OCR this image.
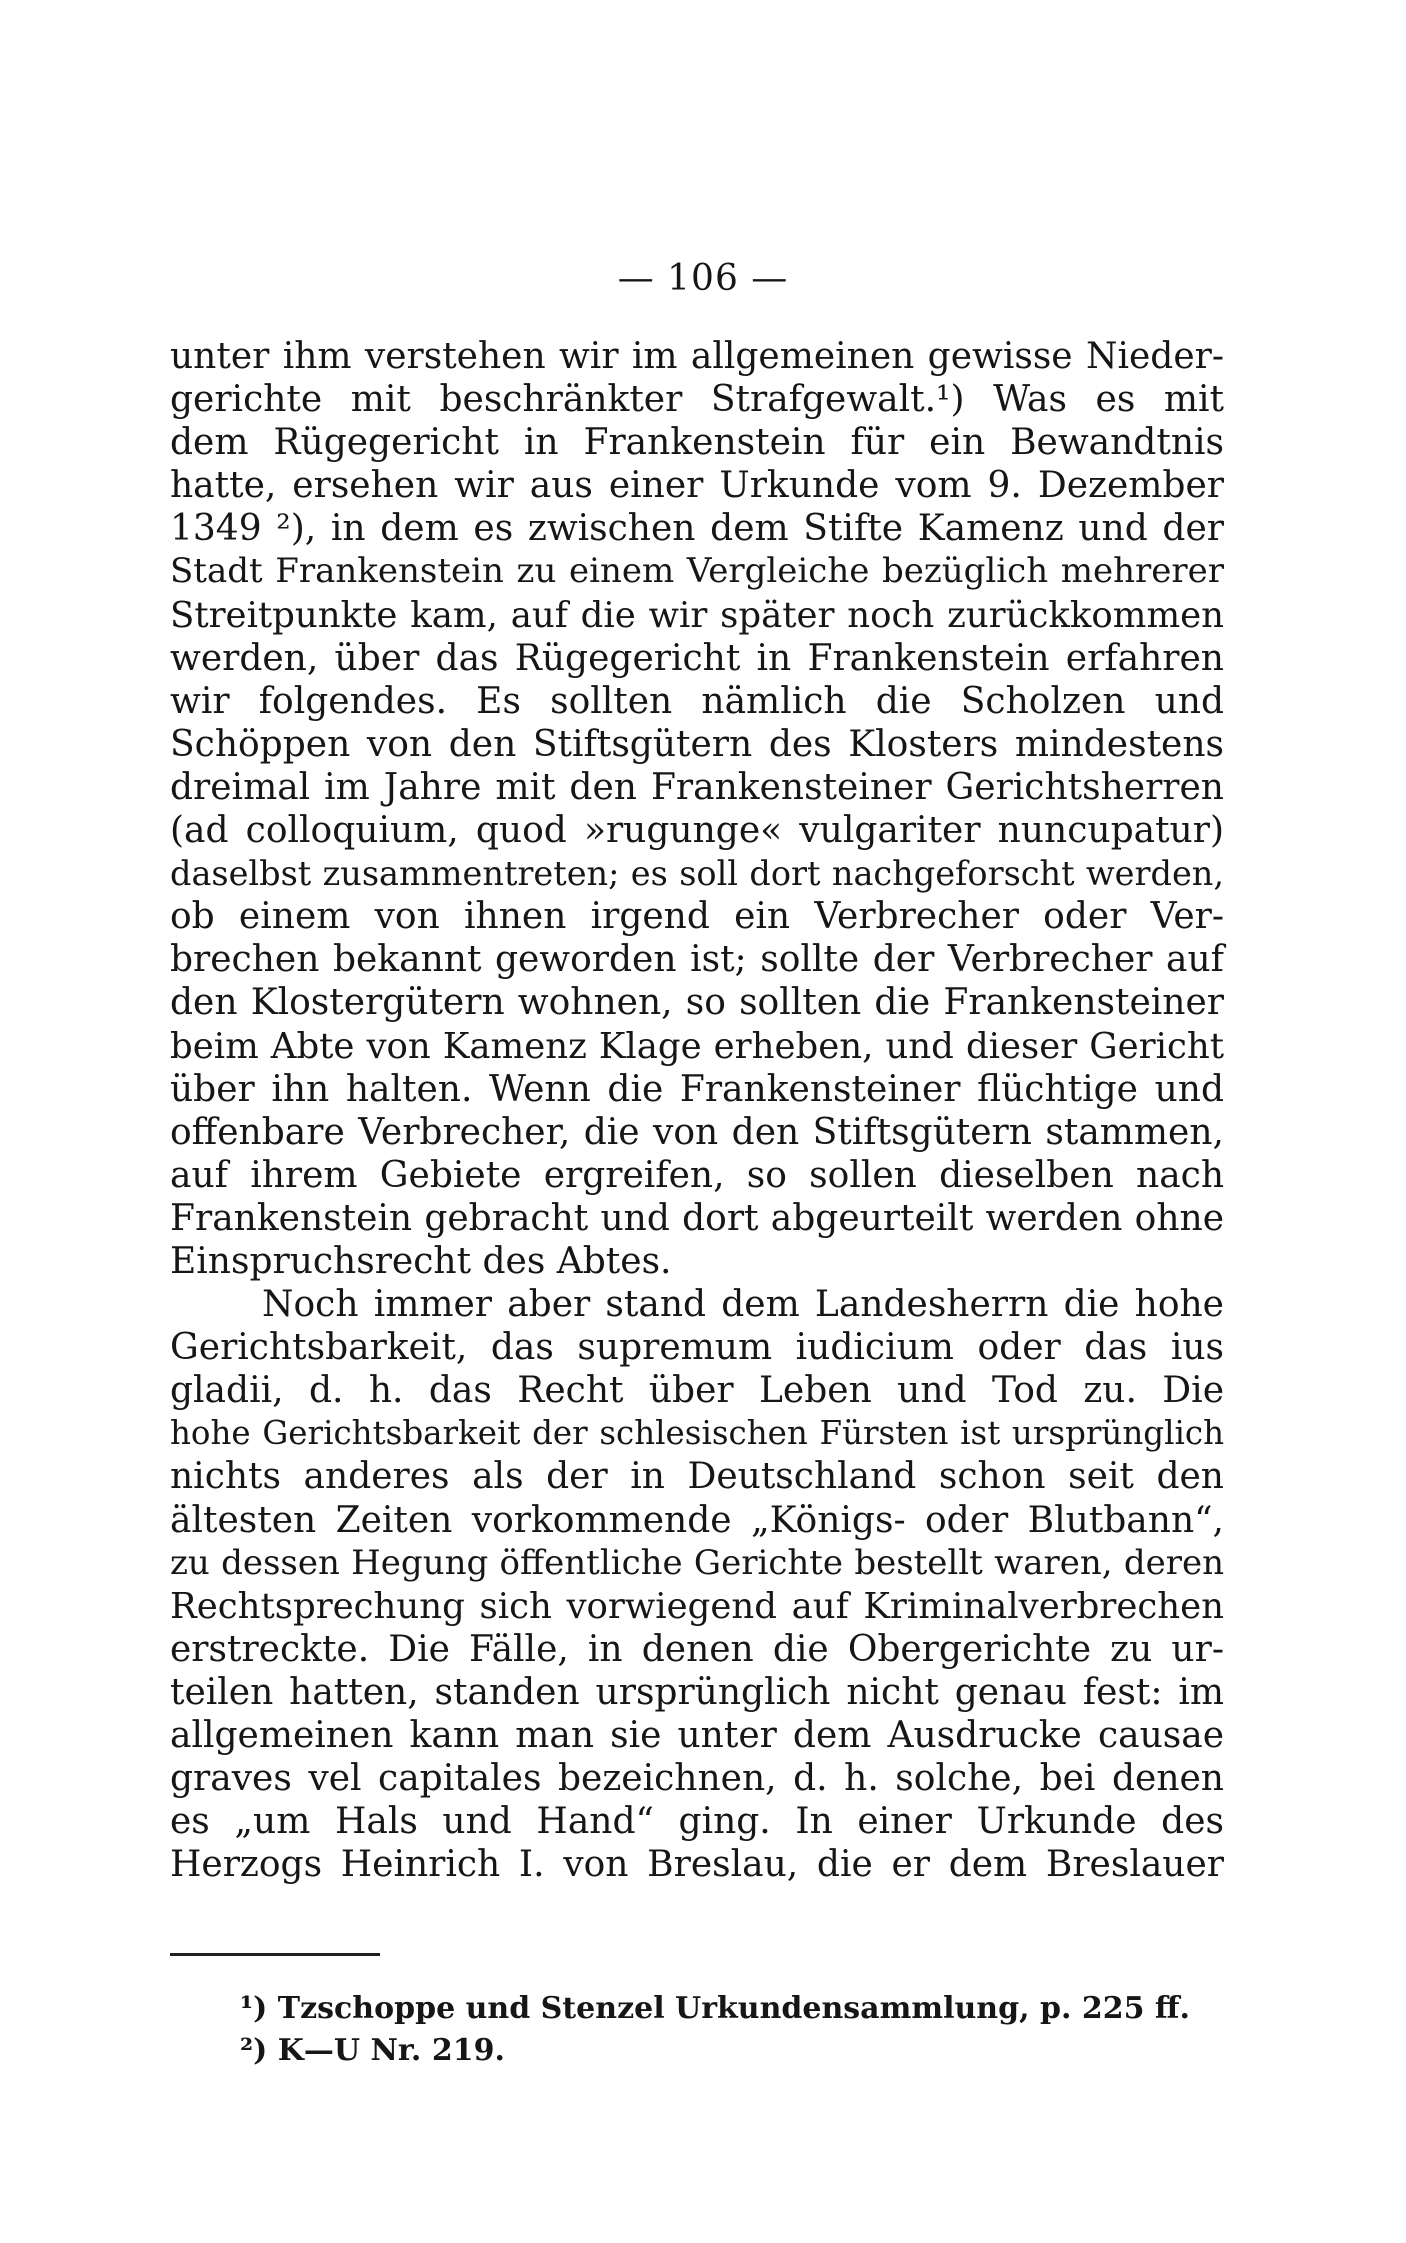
— 106 —
unter ihm verstehen wir im allgemeinen gewisse Nieder-
gerichte mit beschränkter Strafgewalt.¹) Was es mit
dem Rügegericht in Frankenstein für ein Bewandtnis
hatte, ersehen wir aus einer Urkunde vom 9. Dezember
1349 ²), in dem es zwischen dem Stifte Kamenz und der
Stadt Frankenstein zu einem Vergleiche bezüglich mehrerer
Streitpunkte kam, auf die wir später noch zurückkommen
werden, über das Rügegericht in Frankenstein erfahren
wir folgendes. Es sollten nämlich die Scholzen und
Schöppen von den Stiftsgütern des Klosters mindestens
dreimal im Jahre mit den Frankensteiner Gerichtsherren
(ad colloquium, quod »rugunge« vulgariter nuncupatur)
daselbst zusammentreten; es soll dort nachgeforscht werden,
ob einem von ihnen irgend ein Verbrecher oder Ver-
brechen bekannt geworden ist; sollte der Verbrecher auf
den Klostergütern wohnen, so sollten die Frankensteiner
beim Abte von Kamenz Klage erheben, und dieser Gericht
über ihn halten. Wenn die Frankensteiner flüchtige und
offenbare Verbrecher, die von den Stiftsgütern stammen,
auf ihrem Gebiete ergreifen, so sollen dieselben nach
Frankenstein gebracht und dort abgeurteilt werden ohne
Einspruchsrecht des Abtes.
Noch immer aber stand dem Landesherrn die hohe
Gerichtsbarkeit, das supremum iudicium oder das ius
gladii, d. h. das Recht über Leben und Tod zu. Die
hohe Gerichtsbarkeit der schlesischen Fürsten ist ursprünglich
nichts anderes als der in Deutschland schon seit den
ältesten Zeiten vorkommende „Königs- oder Blutbann“,
zu dessen Hegung öffentliche Gerichte bestellt waren, deren
Rechtsprechung sich vorwiegend auf Kriminalverbrechen
erstreckte. Die Fälle, in denen die Obergerichte zu ur-
teilen hatten, standen ursprünglich nicht genau fest: im
allgemeinen kann man sie unter dem Ausdrucke causae
graves vel capitales bezeichnen, d. h. solche, bei denen
es „um Hals und Hand“ ging. In einer Urkunde des
Herzogs Heinrich I. von Breslau, die er dem Breslauer
¹) Tzschoppe und Stenzel Urkundensammlung, p. 225 ff.
²) K—U Nr. 219.
